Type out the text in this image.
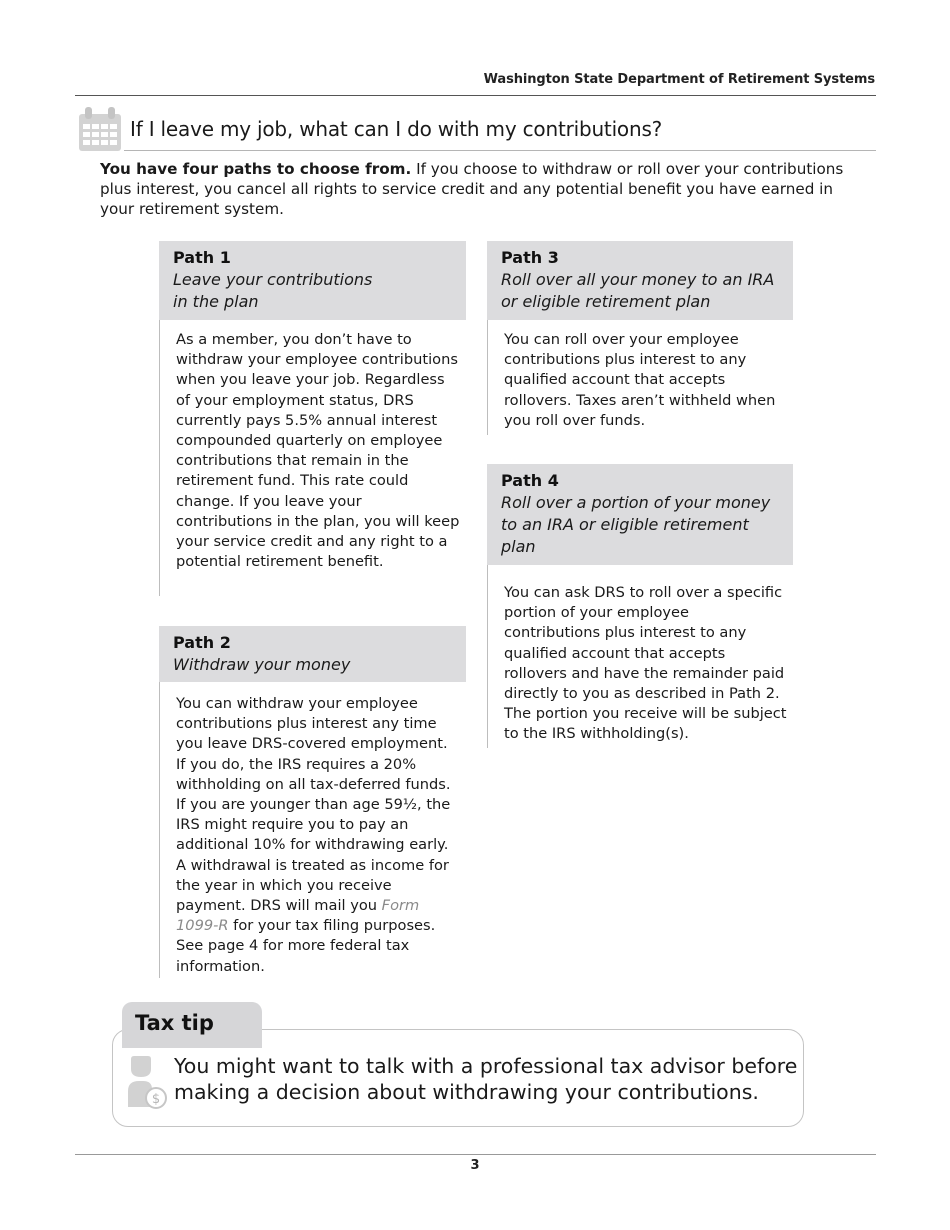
Washington State Department of Retirement Systems
If I leave my job, what can I do with my contributions?

You have four paths to choose from. If you choose to withdraw or roll over your contributions plus interest, you cancel all rights to service credit and any potential benefit you have earned in your retirement system.

Path 1
Leave your contributions
in the plan
As a member, you don’t have to withdraw your employee contributions when you leave your job. Regardless of your employment status, DRS currently pays 5.5% annual interest compounded quarterly on employee contributions that remain in the retirement fund. This rate could change. If you leave your contributions in the plan, you will keep your service credit and any right to a potential retirement benefit.
Path 2
Withdraw your money
You can withdraw your employee contributions plus interest any time you leave DRS-covered employment. If you do, the IRS requires a 20% withholding on all tax-deferred funds. If you are younger than age 59½, the IRS might require you to pay an additional 10% for withdrawing early. A withdrawal is treated as income for the year in which you receive payment. DRS will mail you Form 1099-R for your tax filing purposes. See page 4 for more federal tax information.
Path 3
Roll over all your money to an IRA
or eligible retirement plan
You can roll over your employee contributions plus interest to any qualified account that accepts rollovers. Taxes aren’t withheld when you roll over funds.
Path 4
Roll over a portion of your money
to an IRA or eligible retirement
plan
You can ask DRS to roll over a specific portion of your employee contributions plus interest to any qualified account that accepts rollovers and have the remainder paid directly to you as described in Path 2. The portion you receive will be subject to the IRS withholding(s).
Tax tip
$
You might want to talk with a professional tax advisor before making a decision about withdrawing your contributions.
3
